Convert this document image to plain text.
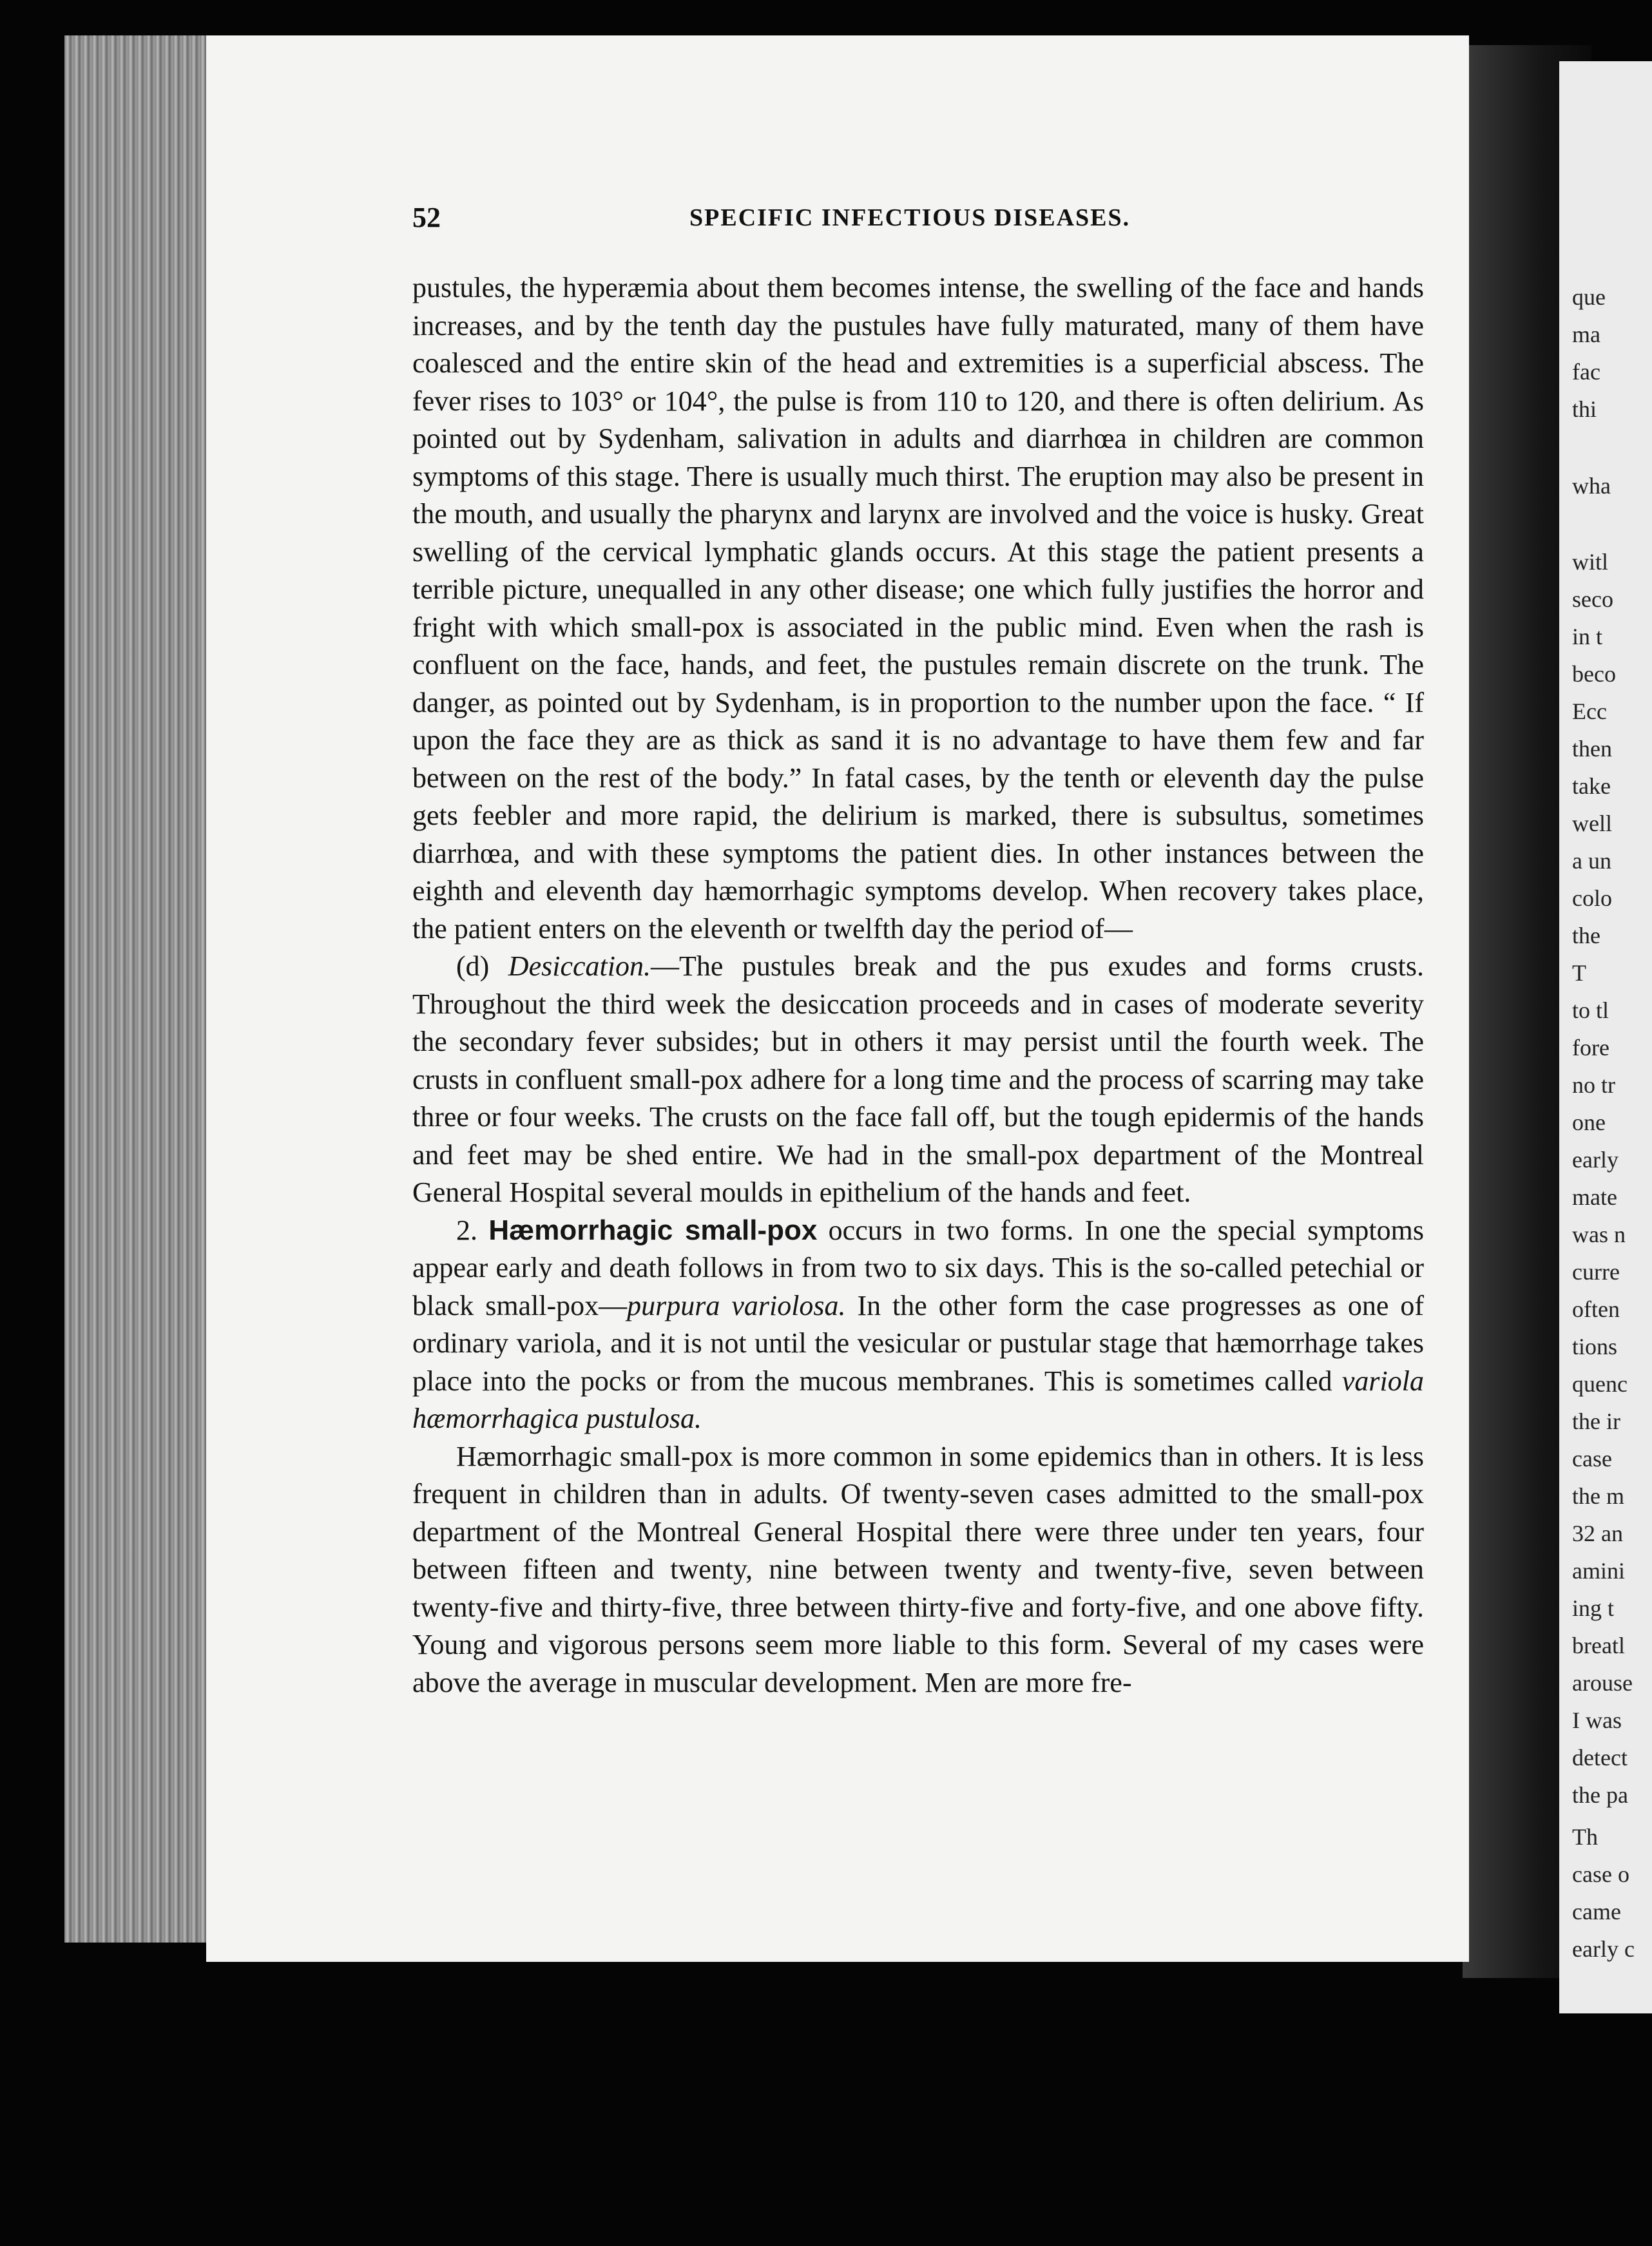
que
ma
fac
thi
wha
witl
seco
in t
beco
Ecc
then
take
well
a un
colo
the
T
to tl
fore
no tr
one
early
mate
was n
curre
often
tions
quenc
the ir
case
the m
32 an
amini
ing t
breatl
arouse
I was
detect
the pa
Th
case o
came
early c
52	SPECIFIC INFECTIOUS DISEASES.

pustules, the hyperæmia about them becomes intense, the swelling of the face and hands increases, and by the tenth day the pustules have fully maturated, many of them have coalesced and the entire skin of the head and extremities is a superficial abscess. The fever rises to 103° or 104°, the pulse is from 110 to 120, and there is often delirium. As pointed out by Sydenham, salivation in adults and diarrhœa in children are common symptoms of this stage. There is usually much thirst. The eruption may also be present in the mouth, and usually the pharynx and larynx are involved and the voice is husky. Great swelling of the cervical lymphatic glands occurs. At this stage the patient presents a terrible picture, unequalled in any other disease; one which fully justifies the horror and fright with which small-pox is associated in the public mind. Even when the rash is confluent on the face, hands, and feet, the pustules remain discrete on the trunk. The danger, as pointed out by Sydenham, is in proportion to the number upon the face. “ If upon the face they are as thick as sand it is no advantage to have them few and far between on the rest of the body.” In fatal cases, by the tenth or eleventh day the pulse gets feebler and more rapid, the delirium is marked, there is subsultus, sometimes diarrhœa, and with these symptoms the patient dies. In other instances between the eighth and eleventh day hæmorrhagic symptoms develop. When recovery takes place, the patient enters on the eleventh or twelfth day the period of—

(d) Desiccation.—The pustules break and the pus exudes and forms crusts. Throughout the third week the desiccation proceeds and in cases of moderate severity the secondary fever subsides; but in others it may persist until the fourth week. The crusts in confluent small-pox adhere for a long time and the process of scarring may take three or four weeks. The crusts on the face fall off, but the tough epidermis of the hands and feet may be shed entire. We had in the small-pox department of the Montreal General Hospital several moulds in epithelium of the hands and feet.

2. Hæmorrhagic small-pox occurs in two forms. In one the special symptoms appear early and death follows in from two to six days. This is the so-called petechial or black small-pox—purpura variolosa. In the other form the case progresses as one of ordinary variola, and it is not until the vesicular or pustular stage that hæmorrhage takes place into the pocks or from the mucous membranes. This is sometimes called variola hæmorrhagica pustulosa.

Hæmorrhagic small-pox is more common in some epidemics than in others. It is less frequent in children than in adults. Of twenty-seven cases admitted to the small-pox department of the Montreal General Hospital there were three under ten years, four between fifteen and twenty, nine between twenty and twenty-five, seven between twenty-five and thirty-five, three between thirty-five and forty-five, and one above fifty. Young and vigorous persons seem more liable to this form. Several of my cases were above the average in muscular development. Men are more fre-
